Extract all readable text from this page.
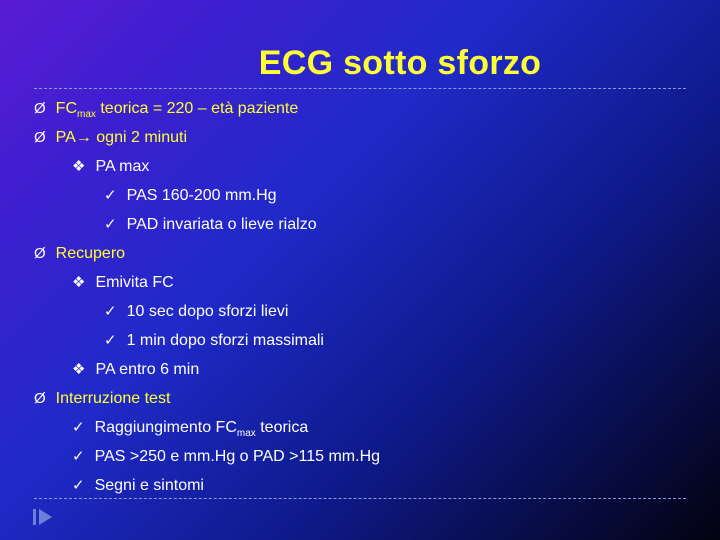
ECG sotto sforzo
Ø $FC_{max}$ teorica = 220 – età paziente
Ø PA→ ogni 2 minuti
❖ PA max
✓ PAS 160-200 mm.Hg
✓ PAD invariata o lieve rialzo
Ø Recupero
❖ Emivita FC
✓ 10 sec dopo sforzi lievi
✓ 1 min dopo sforzi massimali
❖ PA entro 6 min
Ø Interruzione test
✓ Raggiungimento $FC_{max}$ teorica
✓ PAS >250 e mm.Hg o PAD >115 mm.Hg
✓ Segni e sintomi
